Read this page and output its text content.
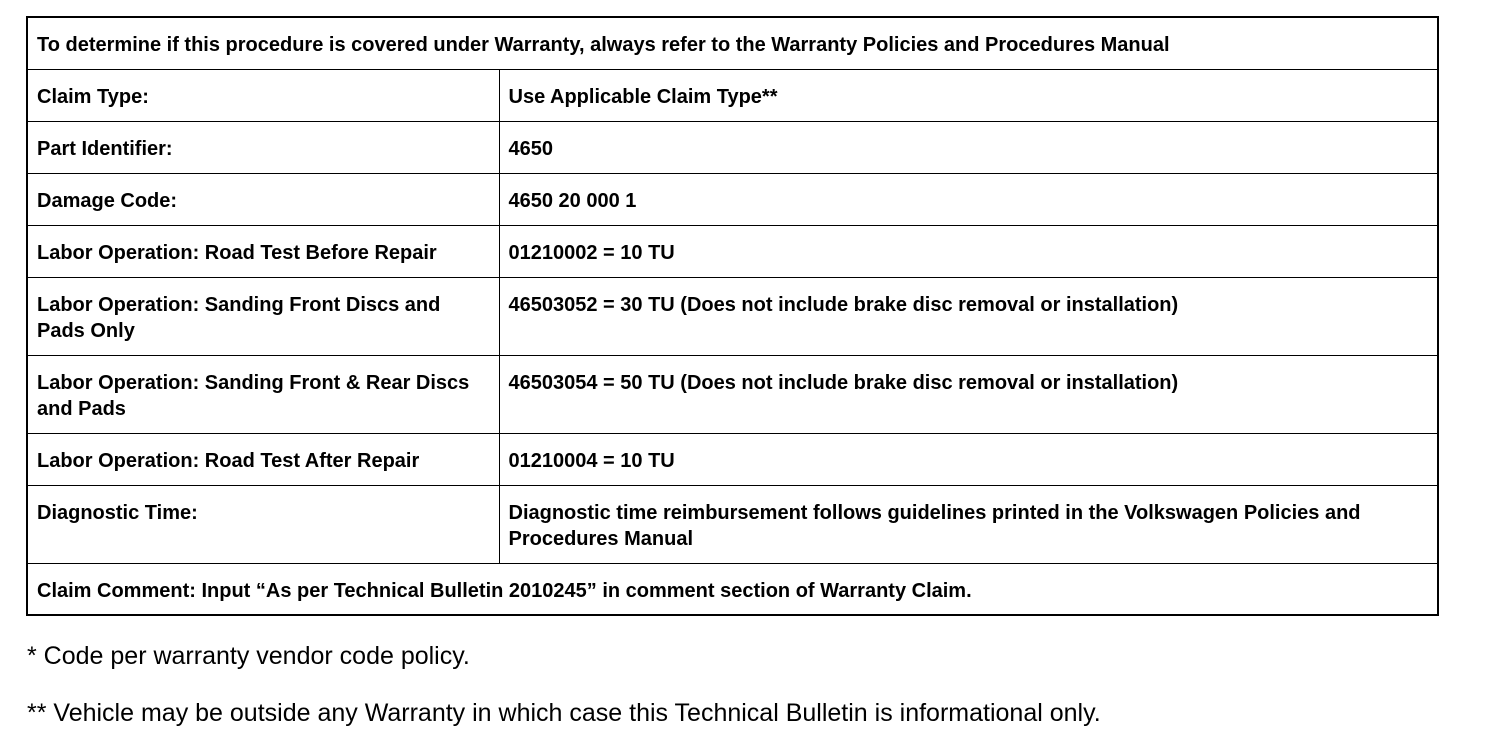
To determine if this procedure is covered under Warranty, always refer to the Warranty Policies and Procedures Manual	
Claim Type:	Use Applicable Claim Type**
Part Identifier:	4650
Damage Code:	4650 20 000 1
Labor Operation: Road Test Before Repair	01210002 = 10 TU
Labor Operation: Sanding Front Discs and Pads Only	46503052 = 30 TU (Does not include brake disc removal or installation)
Labor Operation: Sanding Front & Rear Discs and Pads	46503054 = 50 TU (Does not include brake disc removal or installation)
Labor Operation: Road Test After Repair	01210004 = 10 TU
Diagnostic Time:	Diagnostic time reimbursement follows guidelines printed in the Volkswagen Policies and Procedures Manual
Claim Comment: Input “As per Technical Bulletin 2010245” in comment section of Warranty Claim.	
* Code per warranty vendor code policy.
** Vehicle may be outside any Warranty in which case this Technical Bulletin is informational only.
